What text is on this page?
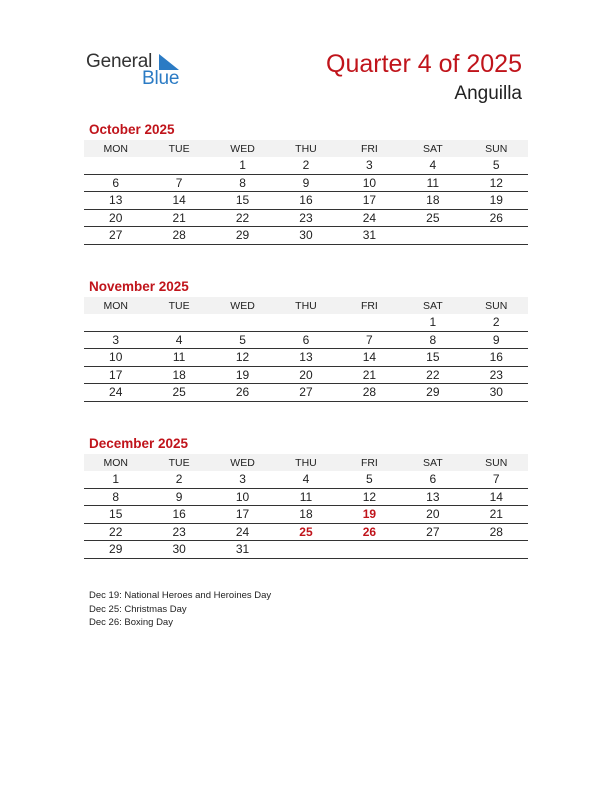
General
Blue
Quarter 4 of 2025
Anguilla
October 2025
MON	TUE	WED	THU	FRI	SAT	SUN
		1	2	3	4	5
6	7	8	9	10	11	12
13	14	15	16	17	18	19
20	21	22	23	24	25	26
27	28	29	30	31		
November 2025
MON	TUE	WED	THU	FRI	SAT	SUN
					1	2
3	4	5	6	7	8	9
10	11	12	13	14	15	16
17	18	19	20	21	22	23
24	25	26	27	28	29	30
December 2025
MON	TUE	WED	THU	FRI	SAT	SUN
1	2	3	4	5	6	7
8	9	10	11	12	13	14
15	16	17	18	19	20	21
22	23	24	25	26	27	28
29	30	31				
Dec 19: National Heroes and Heroines Day
Dec 25: Christmas Day
Dec 26: Boxing Day
